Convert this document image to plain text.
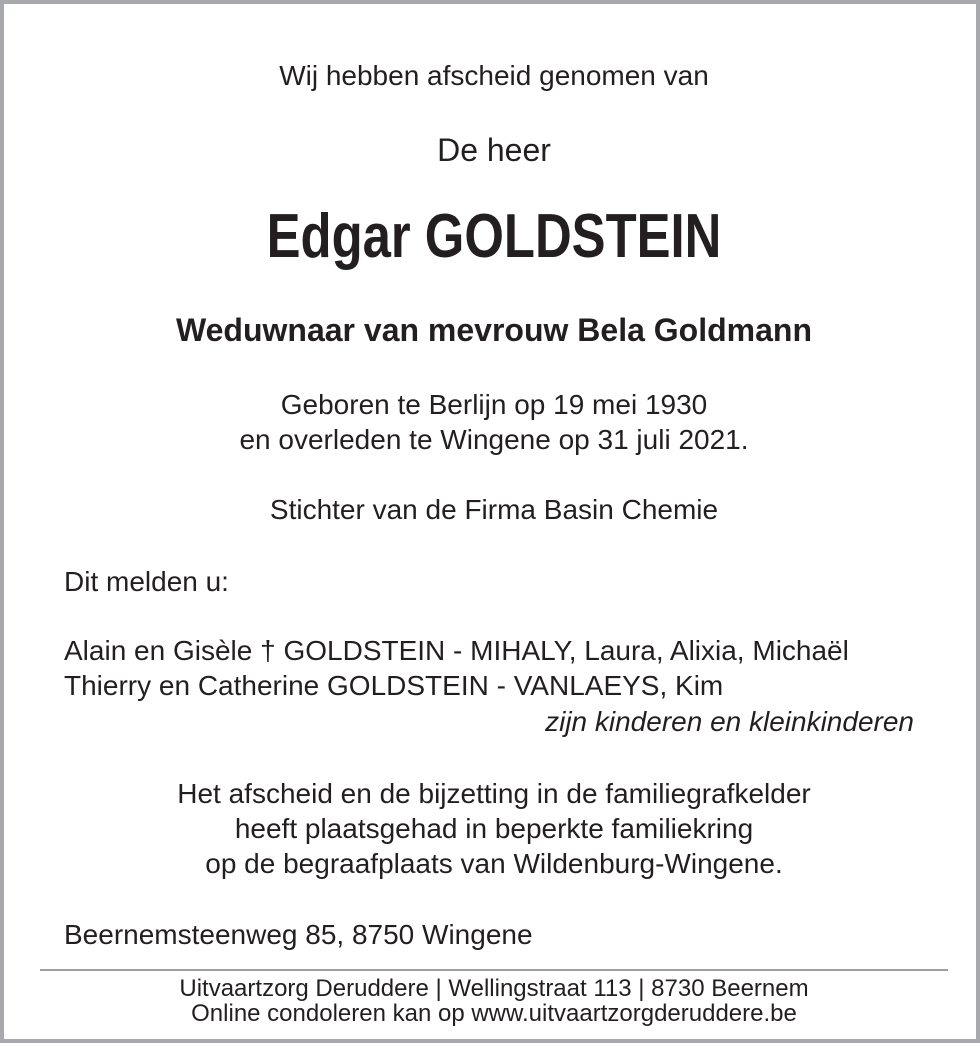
Wij hebben afscheid genomen van
De heer
Edgar GOLDSTEIN
Weduwnaar van mevrouw Bela Goldmann
Geboren te Berlijn op 19 mei 1930
en overleden te Wingene op 31 juli 2021.
Stichter van de Firma Basin Chemie
Dit melden u:
Alain en Gisèle † GOLDSTEIN - MIHALY, Laura, Alixia, Michaël
Thierry en Catherine GOLDSTEIN - VANLAEYS, Kim
zijn kinderen en kleinkinderen
Het afscheid en de bijzetting in de familiegrafkelder
heeft plaatsgehad in beperkte familiekring
op de begraafplaats van Wildenburg-Wingene.
Beernemsteenweg 85, 8750 Wingene
Uitvaartzorg Deruddere | Wellingstraat 113 | 8730 Beernem
Online condoleren kan op www.uitvaartzorgderuddere.be
